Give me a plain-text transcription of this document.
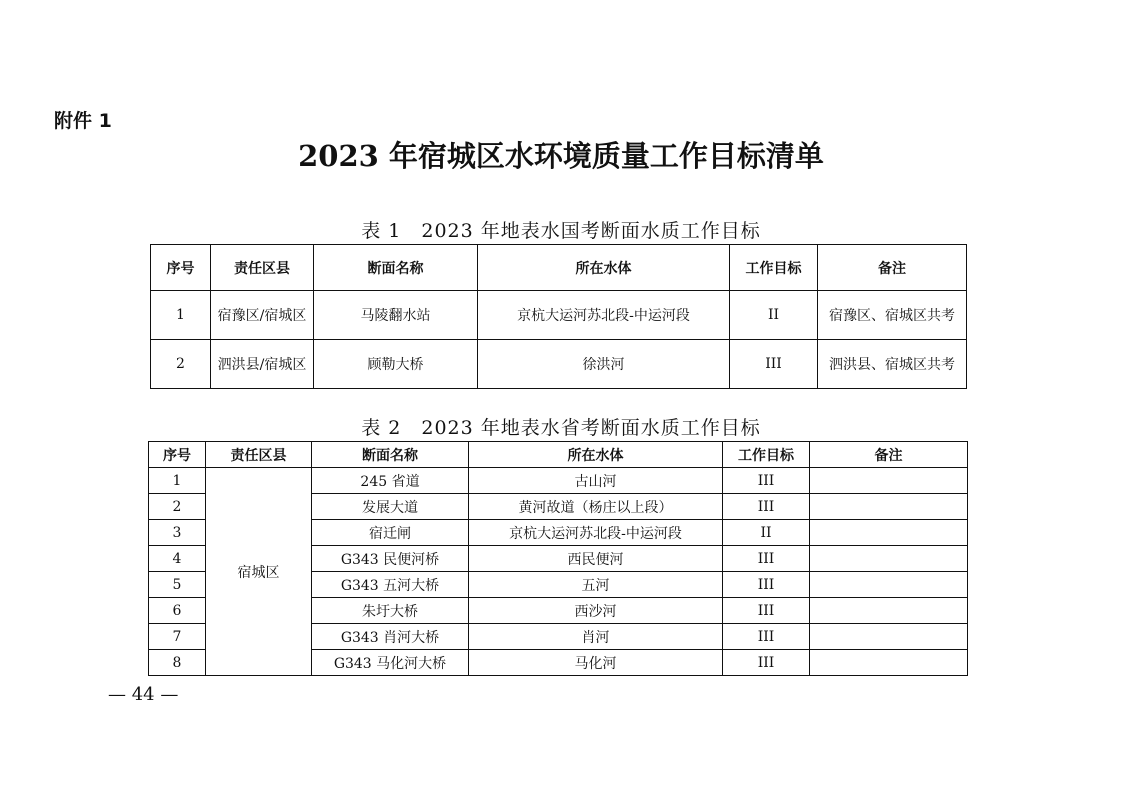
附件 1
2023 年宿城区水环境质量工作目标清单
表 1　2023 年地表水国考断面水质工作目标
序号	责任区县	断面名称	所在水体	工作目标	备注
1	宿豫区/宿城区	马陵翻水站	京杭大运河苏北段-中运河段	II	宿豫区、宿城区共考
2	泗洪县/宿城区	顾勒大桥	徐洪河	III	泗洪县、宿城区共考
表 2　2023 年地表水省考断面水质工作目标
序号	责任区县	断面名称	所在水体	工作目标	备注
1	宿城区	245 省道	古山河	III	
2		发展大道	黄河故道（杨庄以上段）	III	
3		宿迁闸	京杭大运河苏北段-中运河段	II	
4		G343 民便河桥	西民便河	III	
5		G343 五河大桥	五河	III	
6		朱圩大桥	西沙河	III	
7		G343 肖河大桥	肖河	III	
8		G343 马化河大桥	马化河	III	
— 44 —
